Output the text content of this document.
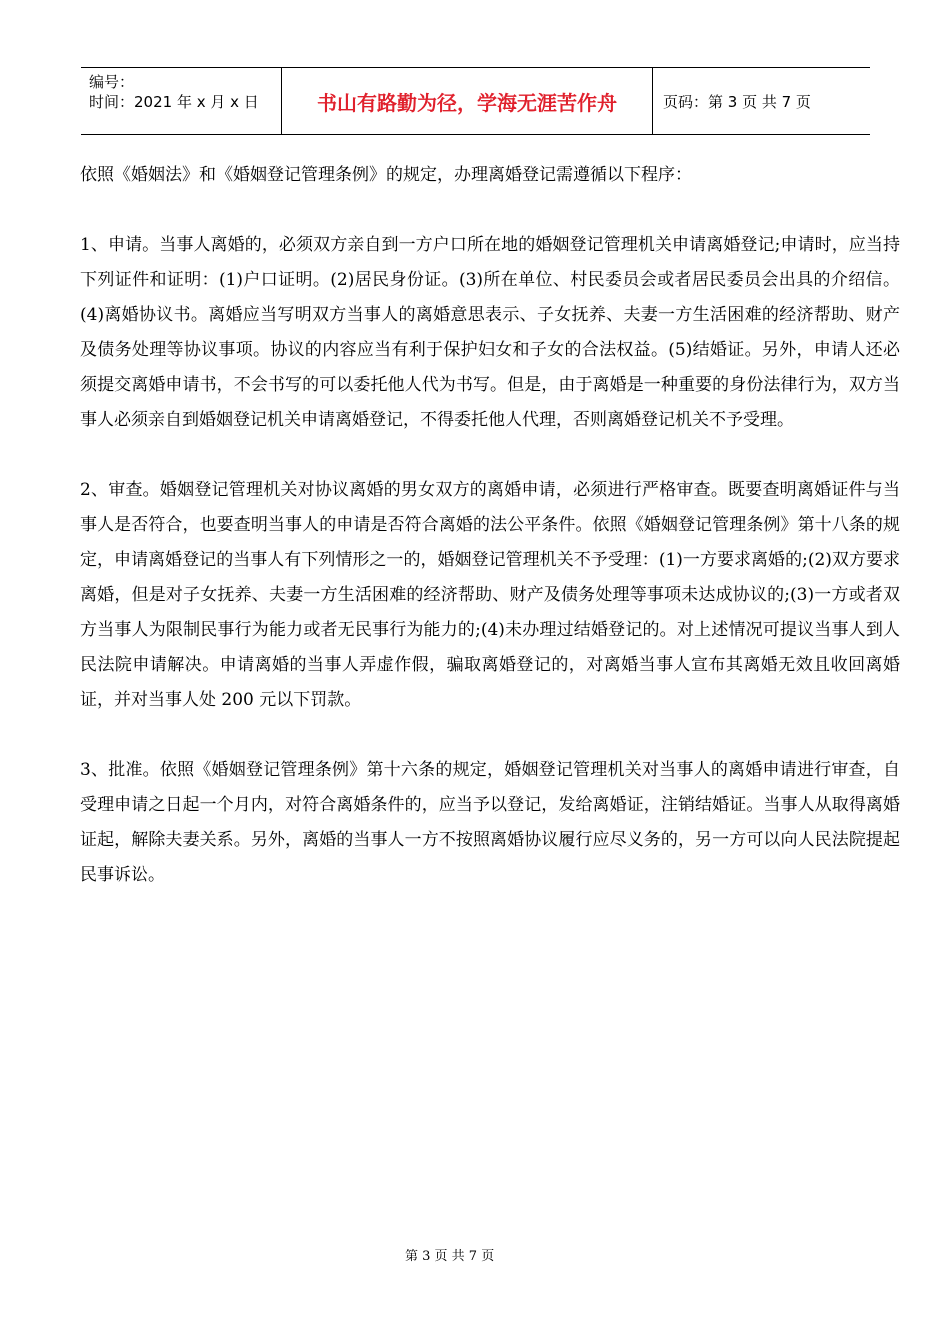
编号：
时间：2021 年 x 月 x 日	书山有路勤为径，学海无涯苦作舟	页码：第 3 页 共 7 页

依照《婚姻法》和《婚姻登记管理条例》的规定，办理离婚登记需遵循以下程序：

1、申请。当事人离婚的，必须双方亲自到一方户口所在地的婚姻登记管理机关申请离婚登记;申请时，应当持下列证件和证明：(1)户口证明。(2)居民身份证。(3)所在单位、村民委员会或者居民委员会出具的介绍信。(4)离婚协议书。离婚应当写明双方当事人的离婚意思表示、子女抚养、夫妻一方生活困难的经济帮助、财产及债务处理等协议事项。协议的内容应当有利于保护妇女和子女的合法权益。(5)结婚证。另外，申请人还必须提交离婚申请书，不会书写的可以委托他人代为书写。但是，由于离婚是一种重要的身份法律行为，双方当事人必须亲自到婚姻登记机关申请离婚登记，不得委托他人代理，否则离婚登记机关不予受理。

2、审查。婚姻登记管理机关对协议离婚的男女双方的离婚申请，必须进行严格审查。既要查明离婚证件与当事人是否符合，也要查明当事人的申请是否符合离婚的法公平条件。依照《婚姻登记管理条例》第十八条的规定，申请离婚登记的当事人有下列情形之一的，婚姻登记管理机关不予受理：(1)一方要求离婚的;(2)双方要求离婚，但是对子女抚养、夫妻一方生活困难的经济帮助、财产及债务处理等事项未达成协议的;(3)一方或者双方当事人为限制民事行为能力或者无民事行为能力的;(4)未办理过结婚登记的。对上述情况可提议当事人到人民法院申请解决。申请离婚的当事人弄虚作假，骗取离婚登记的，对离婚当事人宣布其离婚无效且收回离婚证，并对当事人处 200 元以下罚款。

3、批准。依照《婚姻登记管理条例》第十六条的规定，婚姻登记管理机关对当事人的离婚申请进行审查，自受理申请之日起一个月内，对符合离婚条件的，应当予以登记，发给离婚证，注销结婚证。当事人从取得离婚证起，解除夫妻关系。另外，离婚的当事人一方不按照离婚协议履行应尽义务的，另一方可以向人民法院提起民事诉讼。

第 3 页 共 7 页
